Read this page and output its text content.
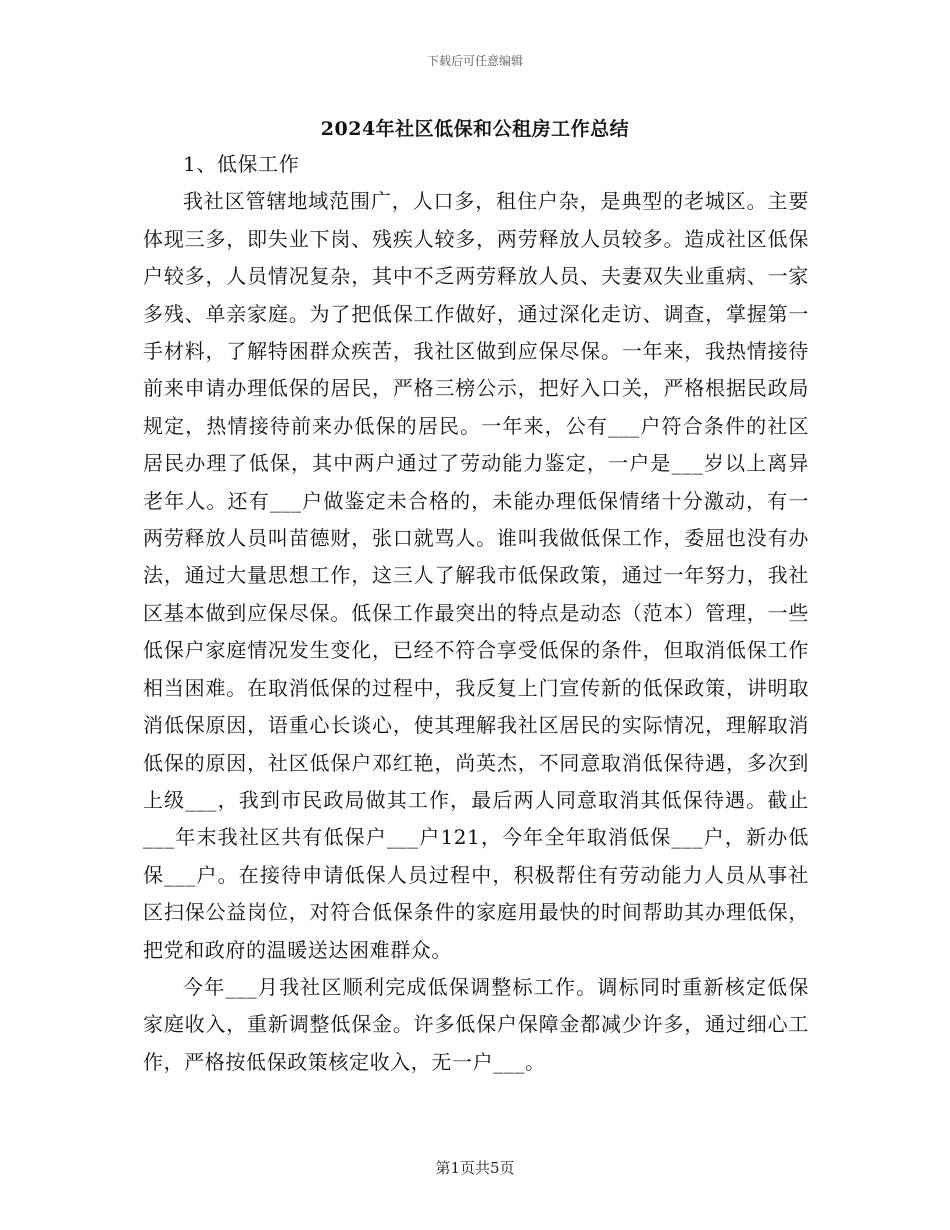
下载后可任意编辑
2024年社区低保和公租房工作总结

1、低保工作

我社区管辖地域范围广，人口多，租住户杂，是典型的老城区。主要体现三多，即失业下岗、残疾人较多，两劳释放人员较多。造成社区低保户较多，人员情况复杂，其中不乏两劳释放人员、夫妻双失业重病、一家多残、单亲家庭。为了把低保工作做好，通过深化走访、调查，掌握第一手材料，了解特困群众疾苦，我社区做到应保尽保。一年来，我热情接待前来申请办理低保的居民，严格三榜公示，把好入口关，严格根据民政局规定，热情接待前来办低保的居民。一年来，公有___户符合条件的社区居民办理了低保，其中两户通过了劳动能力鉴定，一户是___岁以上离异老年人。还有___户做鉴定未合格的，未能办理低保情绪十分激动，有一两劳释放人员叫苗德财，张口就骂人。谁叫我做低保工作，委屈也没有办法，通过大量思想工作，这三人了解我市低保政策，通过一年努力，我社区基本做到应保尽保。低保工作最突出的特点是动态（范本）管理，一些低保户家庭情况发生变化，已经不符合享受低保的条件，但取消低保工作相当困难。在取消低保的过程中，我反复上门宣传新的低保政策，讲明取消低保原因，语重心长谈心，使其理解我社区居民的实际情况，理解取消低保的原因，社区低保户邓红艳，尚英杰，不同意取消低保待遇，多次到上级___，我到市民政局做其工作，最后两人同意取消其低保待遇。截止___年末我社区共有低保户___户121，今年全年取消低保___户，新办低保___户。在接待申请低保人员过程中，积极帮住有劳动能力人员从事社区扫保公益岗位，对符合低保条件的家庭用最快的时间帮助其办理低保，把党和政府的温暖送达困难群众。

今年___月我社区顺利完成低保调整标工作。调标同时重新核定低保家庭收入，重新调整低保金。许多低保户保障金都减少许多，通过细心工作，严格按低保政策核定收入，无一户___。

第1页共5页
